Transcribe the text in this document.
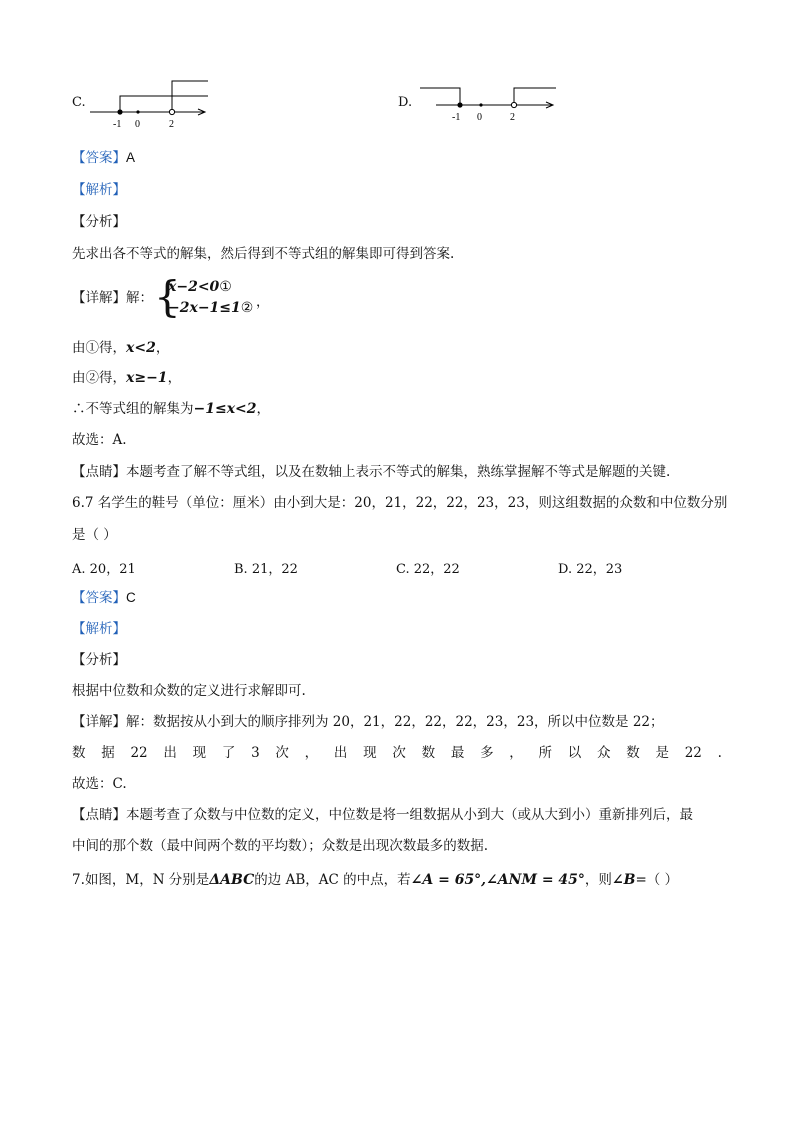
C.
-1 0	2
D.
-1 0	2
【答案】A
【解析】
【分析】
先求出各不等式的解集，然后得到不等式组的解集即可得到答案.
【详解】解： {
x−2<0①
−2x−1≤1② ，
由①得，x<2，
由②得，x≥−1，
∴不等式组的解集为−1≤x<2，
故选：A.
【点睛】本题考查了解不等式组，以及在数轴上表示不等式的解集，熟练掌握解不等式是解题的关键.
6.7 名学生的鞋号（单位：厘米）由小到大是：20，21，22，22，23，23，则这组数据的众数和中位数分别
是（ ）
A. 20，21	B. 21，22	C. 22，22	D. 22，23
【答案】C
【解析】
【分析】
根据中位数和众数的定义进行求解即可.
【详解】解：数据按从小到大的顺序排列为 20，21，22，22，22，23，23，所以中位数是 22；
数 据 22 出 现 了 3 次 ， 出 现 次 数 最 多 ， 所 以 众 数 是 22 .
故选：C.
【点睛】本题考查了众数与中位数的定义，中位数是将一组数据从小到大（或从大到小）重新排列后，最
中间的那个数（最中间两个数的平均数）；众数是出现次数最多的数据.
7.如图，M，N 分别是ΔABC的边 AB，AC 的中点，若∠A = 65°,∠ANM = 45°，则∠B=（ ）
